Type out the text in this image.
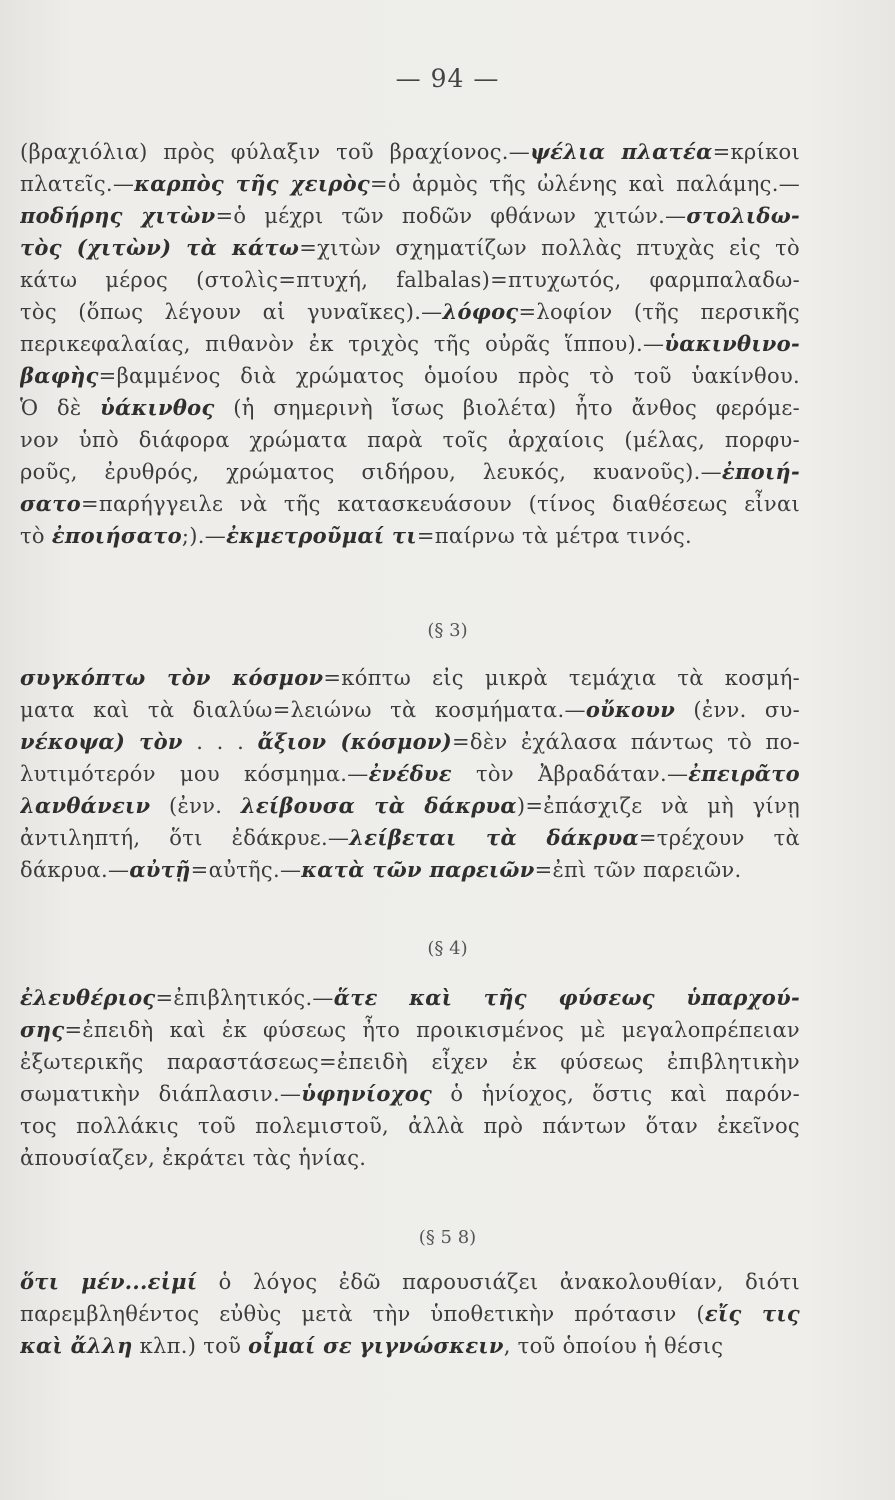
— 94 —
(βραχιόλια) πρὸς φύλαξιν τοῦ βραχίονος.—ψέλια πλατέα=κρίκοι
πλατεῖς.—καρπὸς τῆς χειρὸς=ὁ ἁρμὸς τῆς ὠλένης καὶ παλάμης.—
ποδήρης χιτὼν=ὁ μέχρι τῶν ποδῶν φθάνων χιτών.—στολιδω-
τὸς (χιτὼν) τὰ κάτω=χιτὼν σχηματίζων πολλὰς πτυχὰς εἰς τὸ
κάτω μέρος (στολὶς=πτυχή, falbalas)=πτυχωτός, φαρμπαλαδω-
τὸς (ὅπως λέγουν αἱ γυναῖκες).—λόφος=λοφίον (τῆς περσικῆς
περικεφαλαίας, πιθανὸν ἐκ τριχὸς τῆς οὐρᾶς ἵππου).—ὑακινθινο-
βαφὴς=βαμμένος διὰ χρώματος ὁμοίου πρὸς τὸ τοῦ ὑακίνθου.
Ὁ δὲ ὑάκινθος (ἡ σημερινὴ ἴσως βιολέτα) ἦτο ἄνθος φερόμε-
νον ὑπὸ διάφορα χρώματα παρὰ τοῖς ἀρχαίοις (μέλας, πορφυ-
ροῦς, ἐρυθρός, χρώματος σιδήρου, λευκός, κυανοῦς).—ἐποιή-
σατο=παρήγγειλε νὰ τῆς κατασκευάσουν (τίνος διαθέσεως εἶναι
τὸ ἐποιήσατο;).—ἐκμετροῦμαί τι=παίρνω τὰ μέτρα τινός.
(§ 3)
συγκόπτω τὸν κόσμον=κόπτω εἰς μικρὰ τεμάχια τὰ κοσμή-
ματα καὶ τὰ διαλύω=λειώνω τὰ κοσμήματα.—οὔκουν (ἐνν. συ-
νέκοψα) τὸν . . . ἄξιον (κόσμον)=δὲν ἐχάλασα πάντως τὸ πο-
λυτιμότερόν μου κόσμημα.—ἐνέδυε τὸν Ἀβραδάταν.—ἐπειρᾶτο
λανθάνειν (ἐνν. λείβουσα τὰ δάκρυα)=ἐπάσχιζε νὰ μὴ γίνῃ
ἀντιληπτή, ὅτι ἐδάκρυε.—λείβεται τὰ δάκρυα=τρέχουν τὰ
δάκρυα.—αὐτῇ=αὐτῆς.—κατὰ τῶν παρειῶν=ἐπὶ τῶν παρειῶν.
(§ 4)
ἐλευθέριος=ἐπιβλητικός.—ἅτε καὶ τῆς φύσεως ὑπαρχού-
σης=ἐπειδὴ καὶ ἐκ φύσεως ἦτο προικισμένος μὲ μεγαλοπρέπειαν
ἐξωτερικῆς παραστάσεως=ἐπειδὴ εἶχεν ἐκ φύσεως ἐπιβλητικὴν
σωματικὴν διάπλασιν.—ὑφηνίοχος ὁ ἡνίοχος, ὅστις καὶ παρόν-
τος πολλάκις τοῦ πολεμιστοῦ, ἀλλὰ πρὸ πάντων ὅταν ἐκεῖνος
ἀπουσίαζεν, ἐκράτει τὰς ἡνίας.
(§ 5 8)
ὅτι μέν...εἰμί ὁ λόγος ἐδῶ παρουσιάζει ἀνακολουθίαν, διότι
παρεμβληθέντος εὐθὺς μετὰ τὴν ὑποθετικὴν πρότασιν (εἴς τις
καὶ ἄλλη κλπ.) τοῦ οἶμαί σε γιγνώσκειν, τοῦ ὁποίου ἡ θέσις
